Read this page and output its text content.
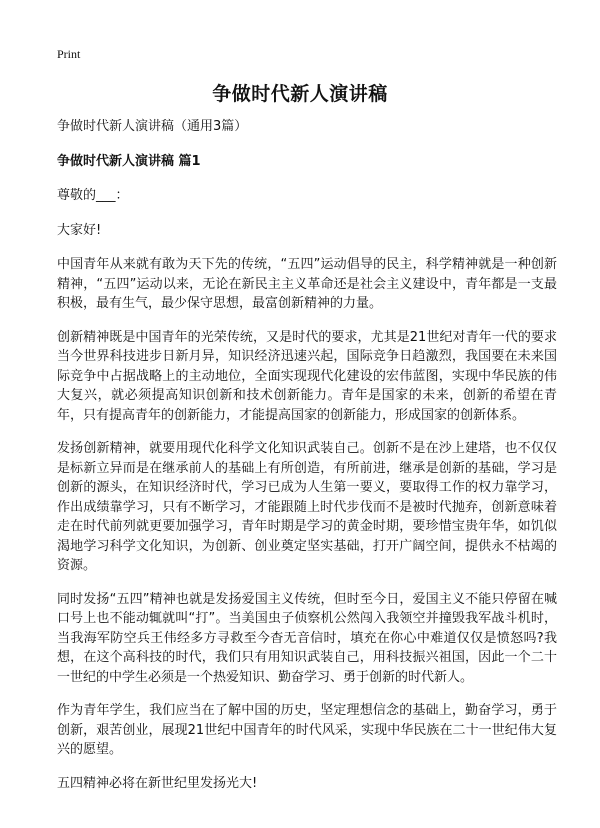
Print
争做时代新人演讲稿

争做时代新人演讲稿（通用3篇）

争做时代新人演讲稿 篇1

尊敬的___：

大家好!

中国青年从来就有敢为天下先的传统，“五四”运动倡导的民主，科学精神就是一种创新精神，“五四”运动以来，无论在新民主主义革命还是社会主义建设中，青年都是一支最积极，最有生气，最少保守思想，最富创新精神的力量。

创新精神既是中国青年的光荣传统，又是时代的要求，尤其是21世纪对青年一代的要求当今世界科技进步日新月异，知识经济迅速兴起，国际竞争日趋激烈，我国要在未来国际竞争中占据战略上的主动地位，全面实现现代化建设的宏伟蓝图，实现中华民族的伟大复兴，就必须提高知识创新和技术创新能力。青年是国家的未来，创新的希望在青年，只有提高青年的创新能力，才能提高国家的创新能力，形成国家的创新体系。

发扬创新精神，就要用现代化科学文化知识武装自己。创新不是在沙上建塔，也不仅仅是标新立异而是在继承前人的基础上有所创造，有所前进，继承是创新的基础，学习是创新的源头，在知识经济时代，学习已成为人生第一要义，要取得工作的权力靠学习，作出成绩靠学习，只有不断学习，才能跟随上时代步伐而不是被时代抛弃，创新意味着走在时代前列就更要加强学习，青年时期是学习的黄金时期，要珍惜宝贵年华，如饥似渴地学习科学文化知识，为创新、创业奠定坚实基础，打开广阔空间，提供永不枯竭的资源。

同时发扬“五四”精神也就是发扬爱国主义传统，但时至今日，爱国主义不能只停留在喊口号上也不能动辄就叫“打”。当美国虫子侦察机公然闯入我领空并撞毁我军战斗机时，当我海军防空兵王伟经多方寻救至今杳无音信时，填充在你心中难道仅仅是愤怒吗?我想，在这个高科技的时代，我们只有用知识武装自己，用科技振兴祖国，因此一个二十一世纪的中学生必须是一个热爱知识、勤奋学习、勇于创新的时代新人。

作为青年学生，我们应当在了解中国的历史，坚定理想信念的基础上，勤奋学习，勇于创新，艰苦创业，展现21世纪中国青年的时代风采，实现中华民族在二十一世纪伟大复兴的愿望。

五四精神必将在新世纪里发扬光大!
